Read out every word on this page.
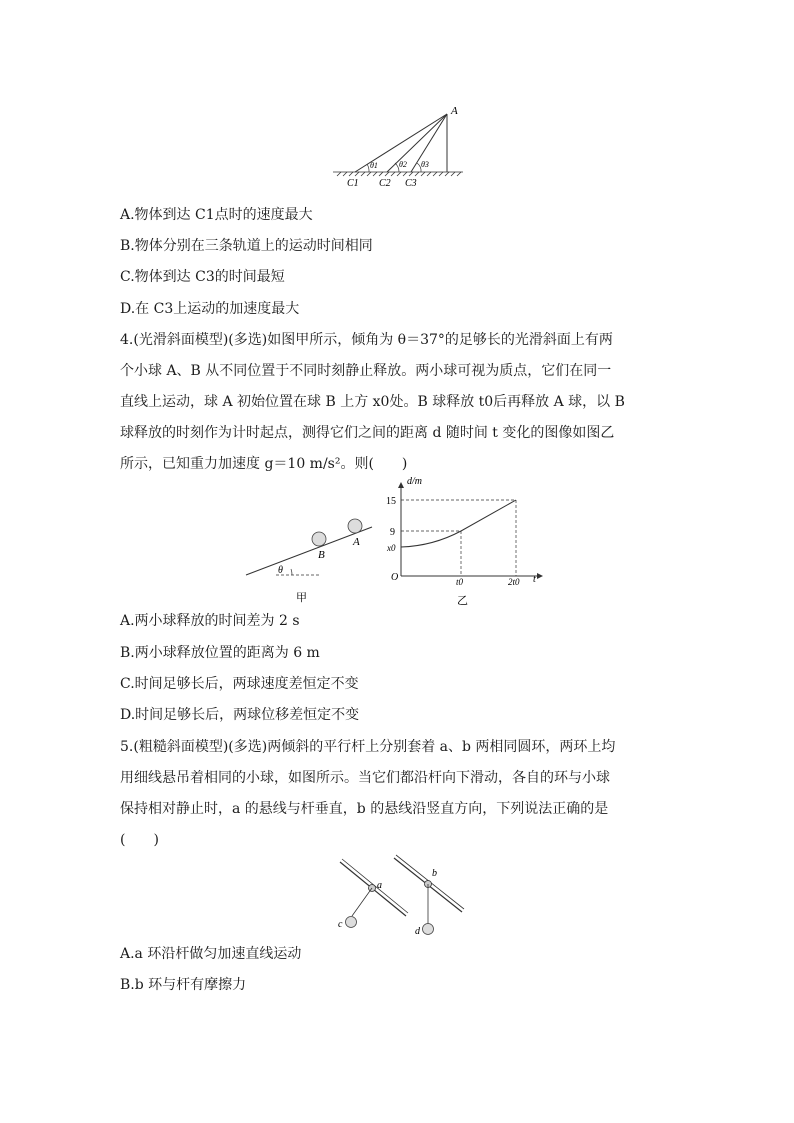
A
θ1	θ2 θ3
C1 C2 C3
A.物体到达 C1点时的速度最大
B.物体分别在三条轨道上的运动时间相同
C.物体到达 C3的时间最短
D.在 C3上运动的加速度最大
4.(光滑斜面模型)(多选)如图甲所示，倾角为 θ＝37°的足够长的光滑斜面上有两
个小球 A、B 从不同位置于不同时刻静止释放。两小球可视为质点，它们在同一
直线上运动，球 A 初始位置在球 B 上方 x0处。B 球释放 t0后再释放 A 球，以 B
球释放的时刻作为计时起点，测得它们之间的距离 d 随时间 t 变化的图像如图乙
所示，已知重力加速度 g＝10 m/s²。则(　　)
B
A
θ
甲
d/m
15
9
x0
O	t0	2t0 t
乙
A.两小球释放的时间差为 2 s
B.两小球释放位置的距离为 6 m
C.时间足够长后，两球速度差恒定不变
D.时间足够长后，两球位移差恒定不变
5.(粗糙斜面模型)(多选)两倾斜的平行杆上分别套着 a、b 两相同圆环，两环上均
用细线悬吊着相同的小球，如图所示。当它们都沿杆向下滑动，各自的环与小球
保持相对静止时，a 的悬线与杆垂直，b 的悬线沿竖直方向，下列说法正确的是
(　　)
a
b
c
d
A.a 环沿杆做匀加速直线运动
B.b 环与杆有摩擦力
